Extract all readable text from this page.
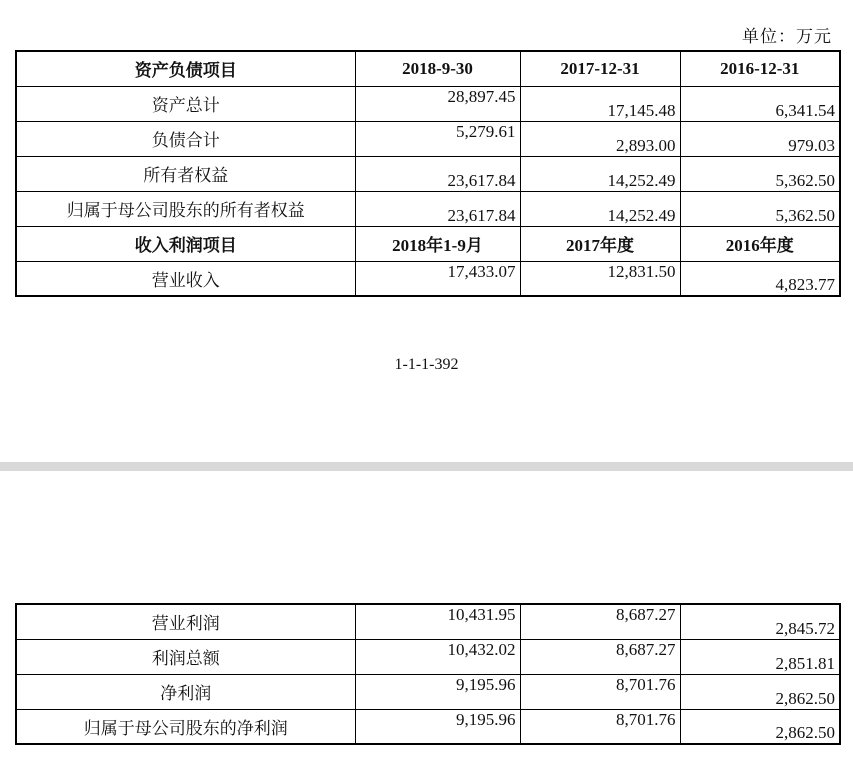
单位：万元
资产负债项目	2018-9-30	2017-12-31	2016-12-31
资产总计	28,897.45	17,145.48	6,341.54
负债合计	5,279.61	2,893.00	979.03
所有者权益	23,617.84	14,252.49	5,362.50
归属于母公司股东的所有者权益	23,617.84	14,252.49	5,362.50
收入利润项目	2018年1-9月	2017年度	2016年度
营业收入	17,433.07	12,831.50	4,823.77
1-1-1-392
营业利润	10,431.95	8,687.27	2,845.72
利润总额	10,432.02	8,687.27	2,851.81
净利润	9,195.96	8,701.76	2,862.50
归属于母公司股东的净利润	9,195.96	8,701.76	2,862.50
